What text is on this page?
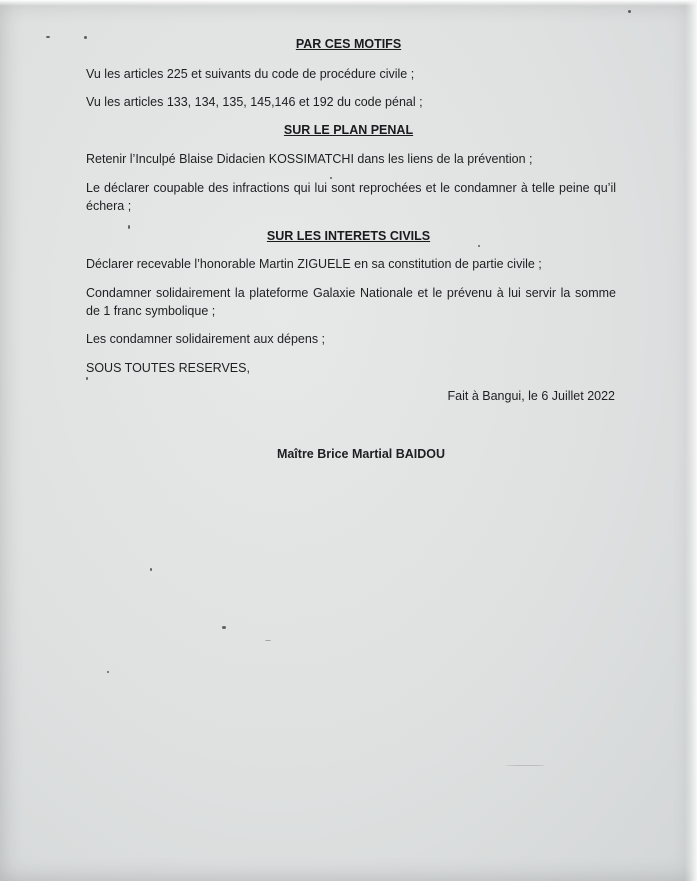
PAR CES MOTIFS

Vu les articles 225 et suivants du code de procédure civile ;

Vu les articles 133, 134, 135, 145,146 et 192 du code pénal ;

SUR LE PLAN PENAL

Retenir l’Inculpé Blaise Didacien KOSSIMATCHI dans les liens de la prévention ;

Le déclarer coupable des infractions qui lui sont reprochées et le condamner à telle peine qu’il échera ;

SUR LES INTERETS CIVILS

Déclarer recevable l’honorable Martin ZIGUELE en sa constitution de partie civile ;

Condamner solidairement la plateforme Galaxie Nationale et le prévenu à lui servir la somme de 1 franc symbolique ;

Les condamner solidairement aux dépens ;

SOUS TOUTES RESERVES,

Fait à Bangui, le 6 Juillet 2022

Maître Brice Martial BAIDOU
